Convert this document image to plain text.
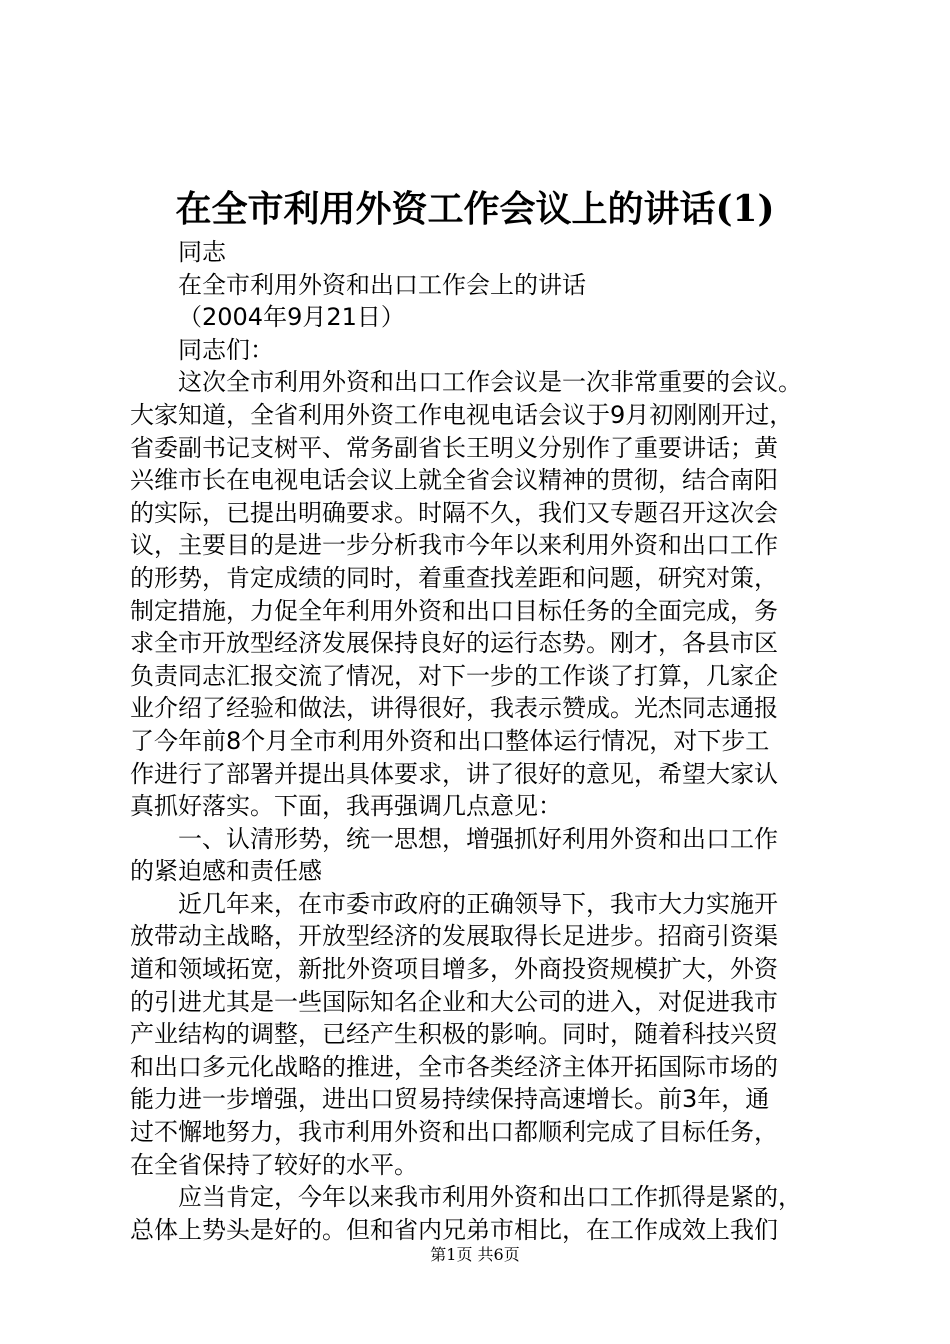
在全市利用外资工作会议上的讲话(1)
同志
在全市利用外资和出口工作会上的讲话
（2004年9月21日）
同志们：
这次全市利用外资和出口工作会议是一次非常重要的会议。
大家知道，全省利用外资工作电视电话会议于9月初刚刚开过，
省委副书记支树平、常务副省长王明义分别作了重要讲话；黄
兴维市长在电视电话会议上就全省会议精神的贯彻，结合南阳
的实际，已提出明确要求。时隔不久，我们又专题召开这次会
议，主要目的是进一步分析我市今年以来利用外资和出口工作
的形势，肯定成绩的同时，着重查找差距和问题，研究对策，
制定措施，力促全年利用外资和出口目标任务的全面完成，务
求全市开放型经济发展保持良好的运行态势。刚才，各县市区
负责同志汇报交流了情况，对下一步的工作谈了打算，几家企
业介绍了经验和做法，讲得很好，我表示赞成。光杰同志通报
了今年前8个月全市利用外资和出口整体运行情况，对下步工
作进行了部署并提出具体要求，讲了很好的意见，希望大家认
真抓好落实。下面，我再强调几点意见：
一、认清形势，统一思想，增强抓好利用外资和出口工作
的紧迫感和责任感
近几年来，在市委市政府的正确领导下，我市大力实施开
放带动主战略，开放型经济的发展取得长足进步。招商引资渠
道和领域拓宽，新批外资项目增多，外商投资规模扩大，外资
的引进尤其是一些国际知名企业和大公司的进入，对促进我市
产业结构的调整，已经产生积极的影响。同时，随着科技兴贸
和出口多元化战略的推进，全市各类经济主体开拓国际市场的
能力进一步增强，进出口贸易持续保持高速增长。前3年，通
过不懈地努力，我市利用外资和出口都顺利完成了目标任务，
在全省保持了较好的水平。
应当肯定，今年以来我市利用外资和出口工作抓得是紧的，
总体上势头是好的。但和省内兄弟市相比，在工作成效上我们
第1页 共6页
